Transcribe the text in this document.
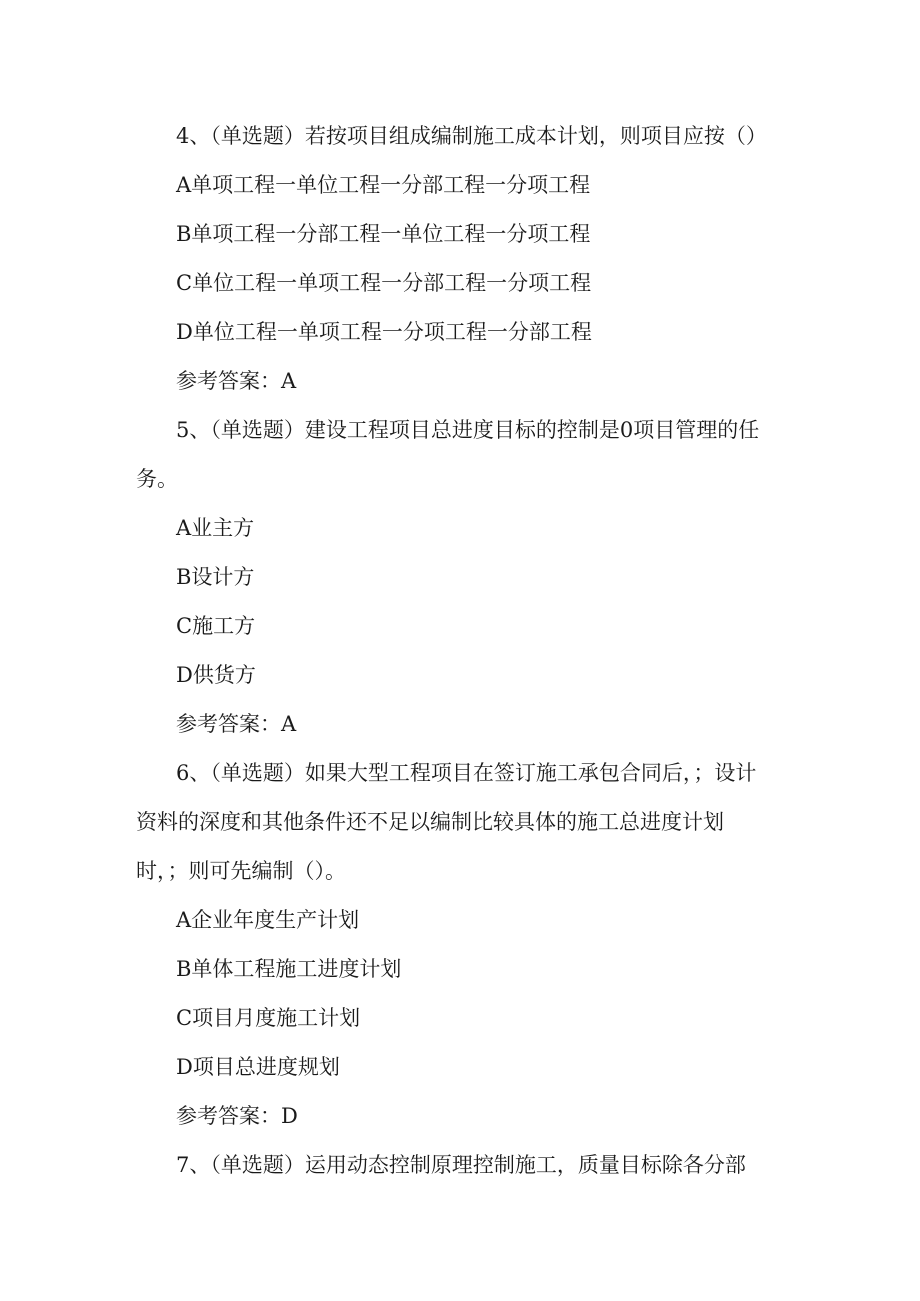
4、（单选题）若按项目组成编制施工成本计划，则项目应按（）
A单项工程一单位工程一分部工程一分项工程
B单项工程一分部工程一单位工程一分项工程
C单位工程一单项工程一分部工程一分项工程
D单位工程一单项工程一分项工程一分部工程
参考答案：A
5、（单选题）建设工程项目总进度目标的控制是0项目管理的任务。
A业主方
B设计方
C施工方
D供货方
参考答案：A
6、（单选题）如果大型工程项目在签订施工承包合同后，；设计资料的深度和其他条件还不足以编制比较具体的施工总进度计划时，；则可先编制（）。
A企业年度生产计划
B单体工程施工进度计划
C项目月度施工计划
D项目总进度规划
参考答案：D
7、（单选题）运用动态控制原理控制施工，质量目标除各分部
